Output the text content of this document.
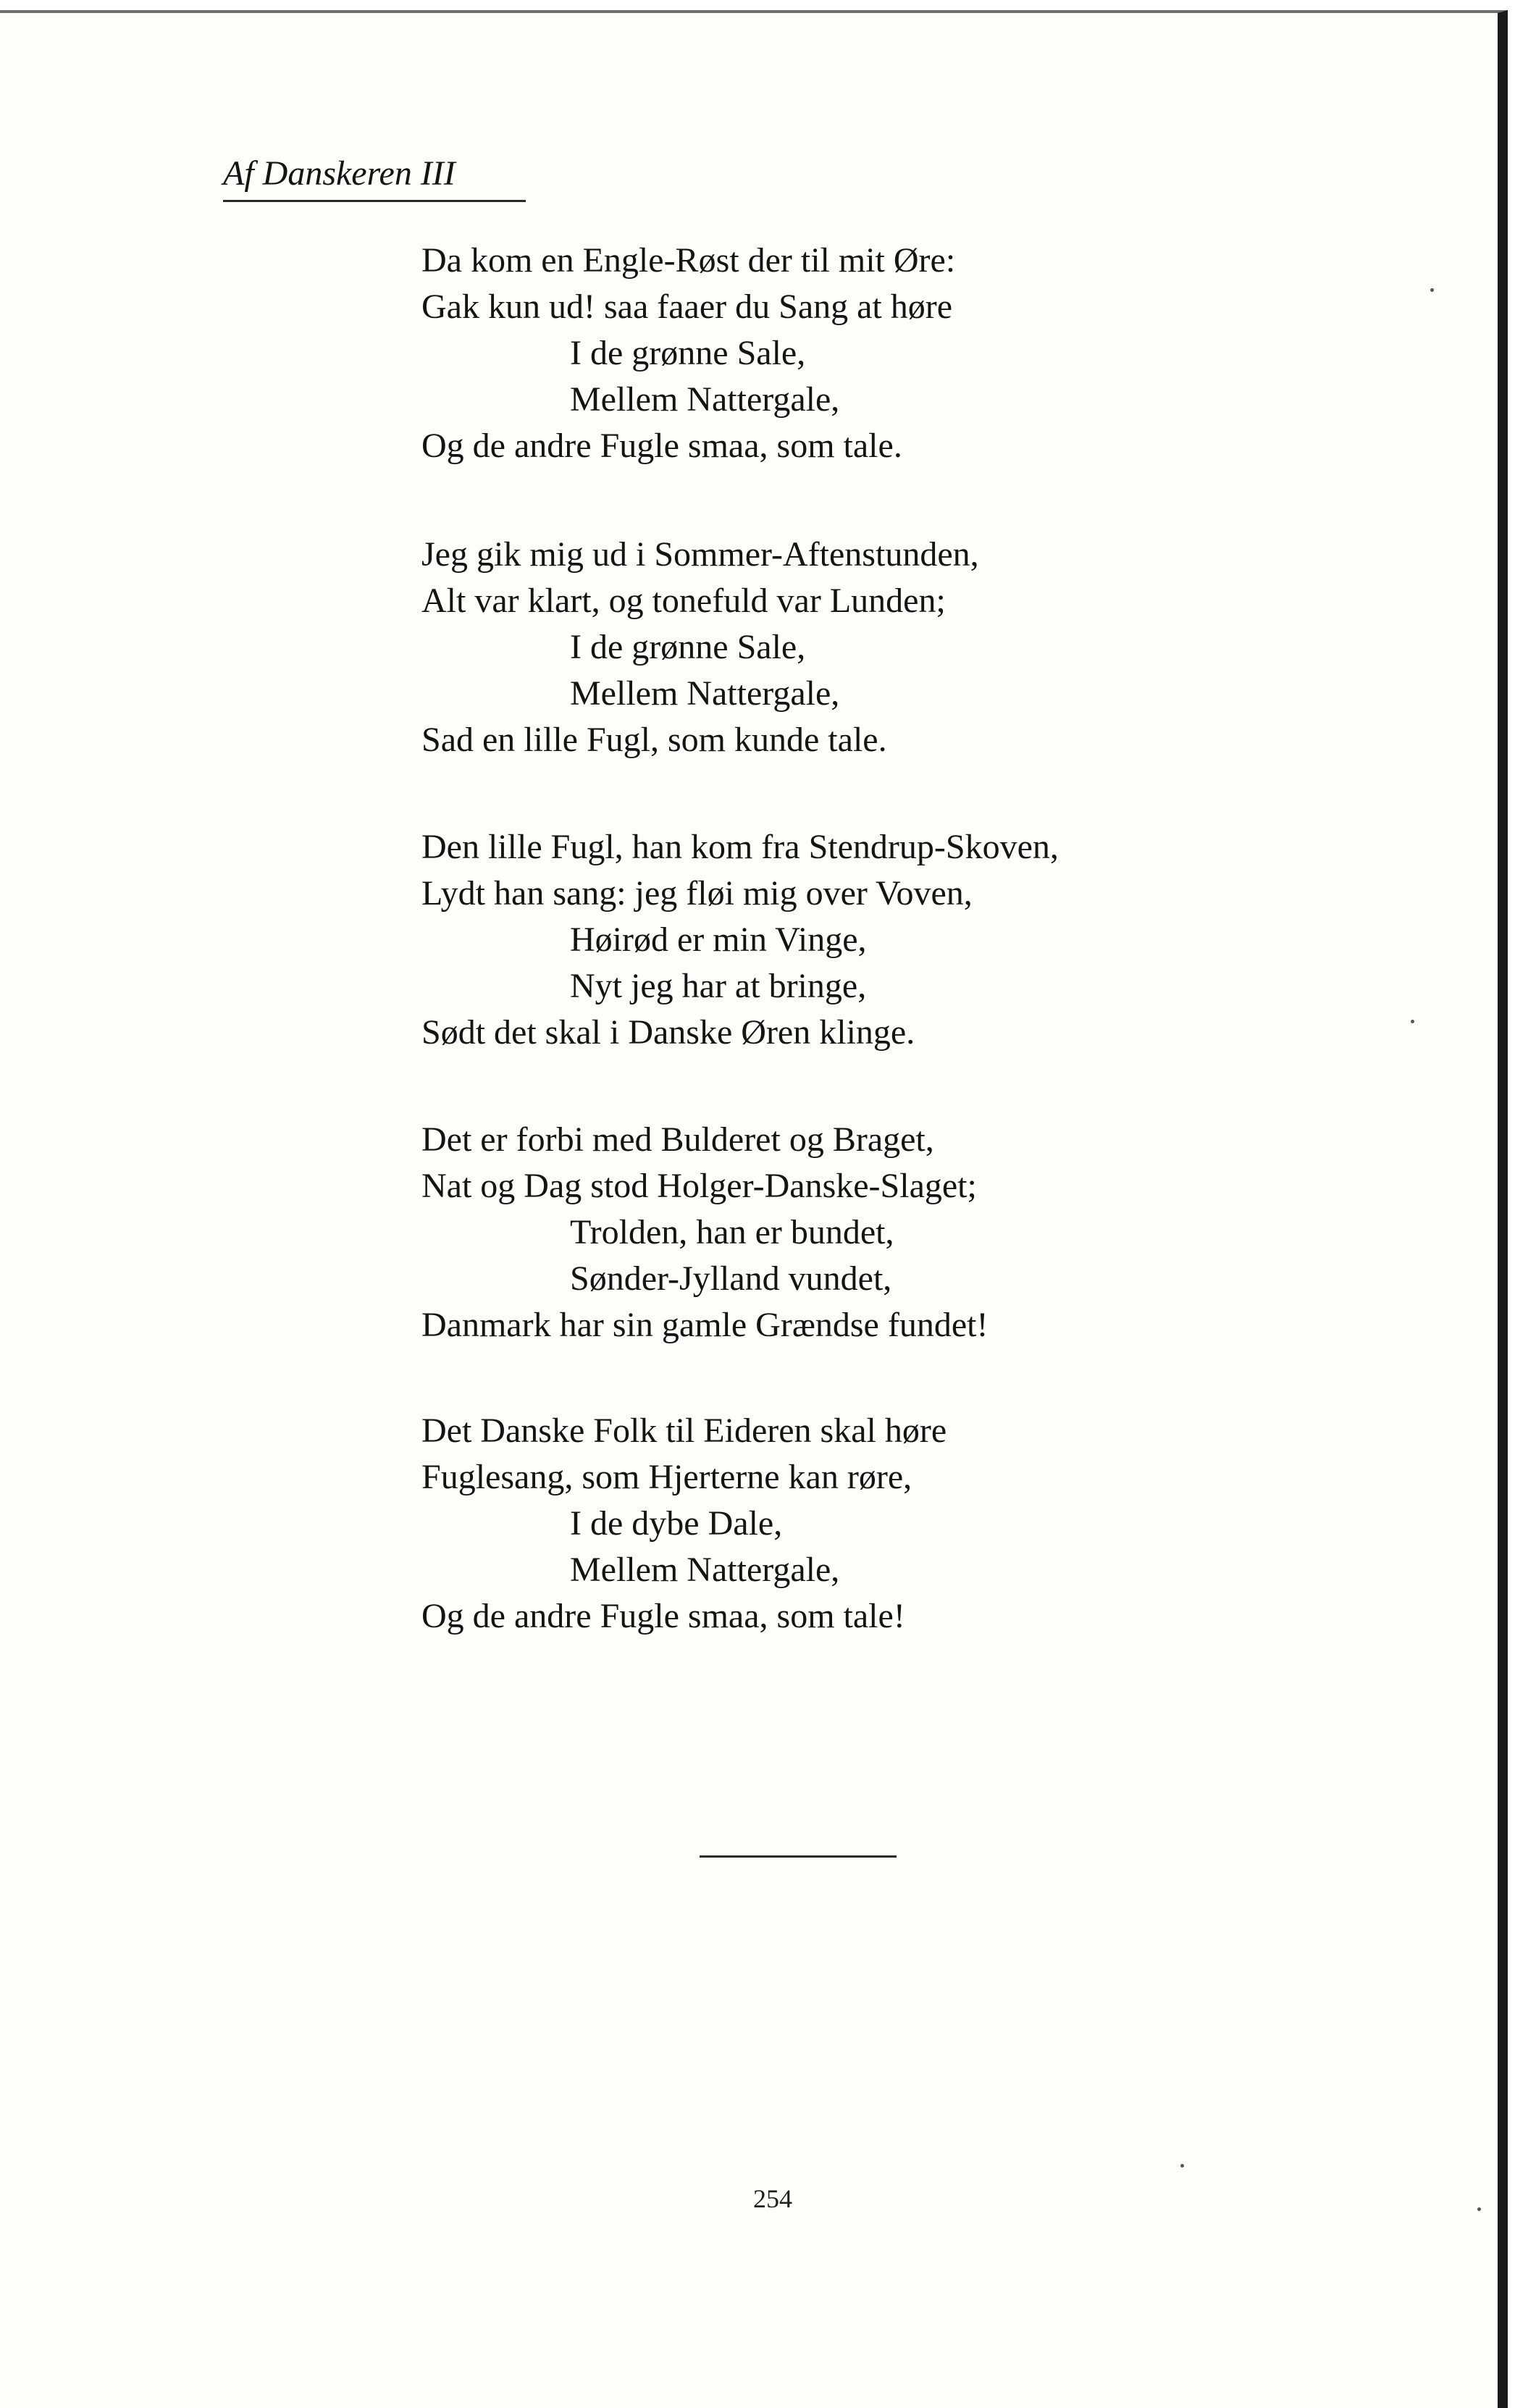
Af Danskeren III
Da kom en Engle-Røst der til mit Øre:
Gak kun ud! saa faaer du Sang at høre
I de grønne Sale,
Mellem Nattergale,
Og de andre Fugle smaa, som tale.
Jeg gik mig ud i Sommer-Aftenstunden,
Alt var klart, og tonefuld var Lunden;
I de grønne Sale,
Mellem Nattergale,
Sad en lille Fugl, som kunde tale.
Den lille Fugl, han kom fra Stendrup-Skoven,
Lydt han sang: jeg fløi mig over Voven,
Høirød er min Vinge,
Nyt jeg har at bringe,
Sødt det skal i Danske Øren klinge.
Det er forbi med Bulderet og Braget,
Nat og Dag stod Holger-Danske-Slaget;
Trolden, han er bundet,
Sønder-Jylland vundet,
Danmark har sin gamle Grændse fundet!
Det Danske Folk til Eideren skal høre
Fuglesang, som Hjerterne kan røre,
I de dybe Dale,
Mellem Nattergale,
Og de andre Fugle smaa, som tale!
254
